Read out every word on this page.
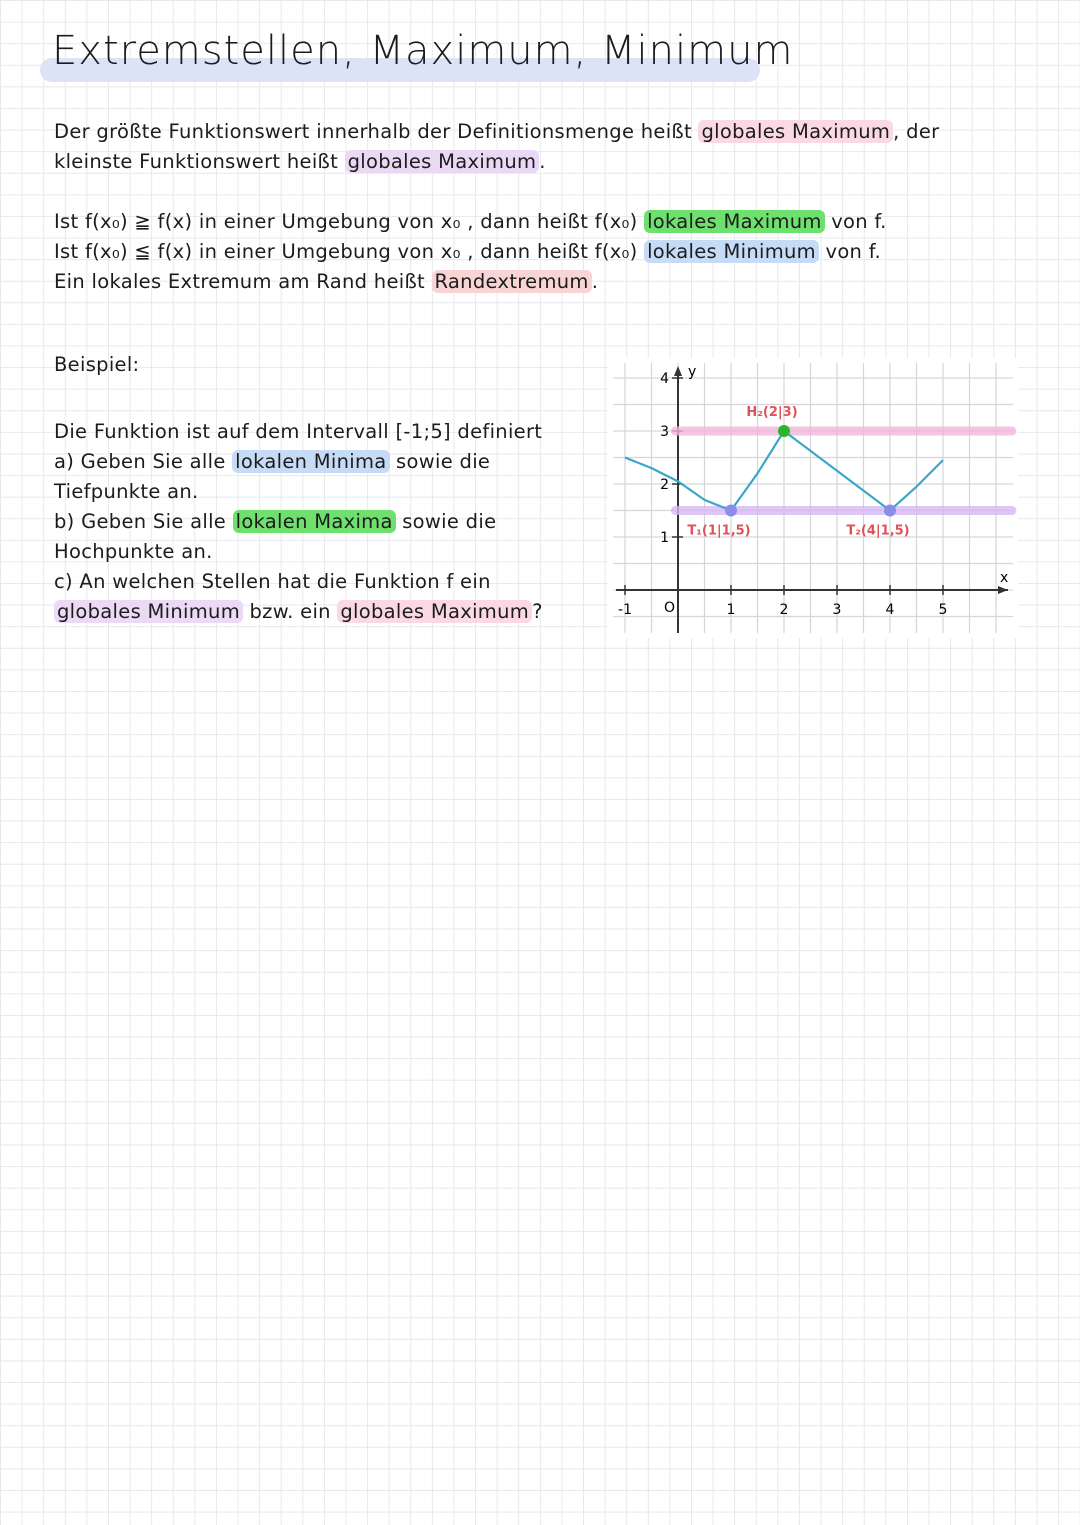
Extremstellen, Maximum, Minimum
Der größte Funktionswert innerhalb der Definitionsmenge heißt globales Maximum , der
kleinste Funktionswert heißt globales Maximum .
Ist f(x₀) ≧ f(x) in einer Umgebung von x₀ , dann heißt f(x₀) lokales Maximum von f.
Ist f(x₀) ≦ f(x) in einer Umgebung von x₀ , dann heißt f(x₀) lokales Minimum von f.
Ein lokales Extremum am Rand heißt Randextremum .
Beispiel:
Die Funktion ist auf dem Intervall [-1;5] definiert
a) Geben Sie alle lokalen Minima sowie die
Tiefpunkte an.
b) Geben Sie alle lokalen Maxima sowie die
Hochpunkte an.
c) An welchen Stellen hat die Funktion f ein
globales Minimum bzw. ein globales Maximum ?
x
y
O
-1	1	2	3	4	5
1
2
3
4
H₂(2|3)
T₁(1|1,5)	T₂(4|1,5)
